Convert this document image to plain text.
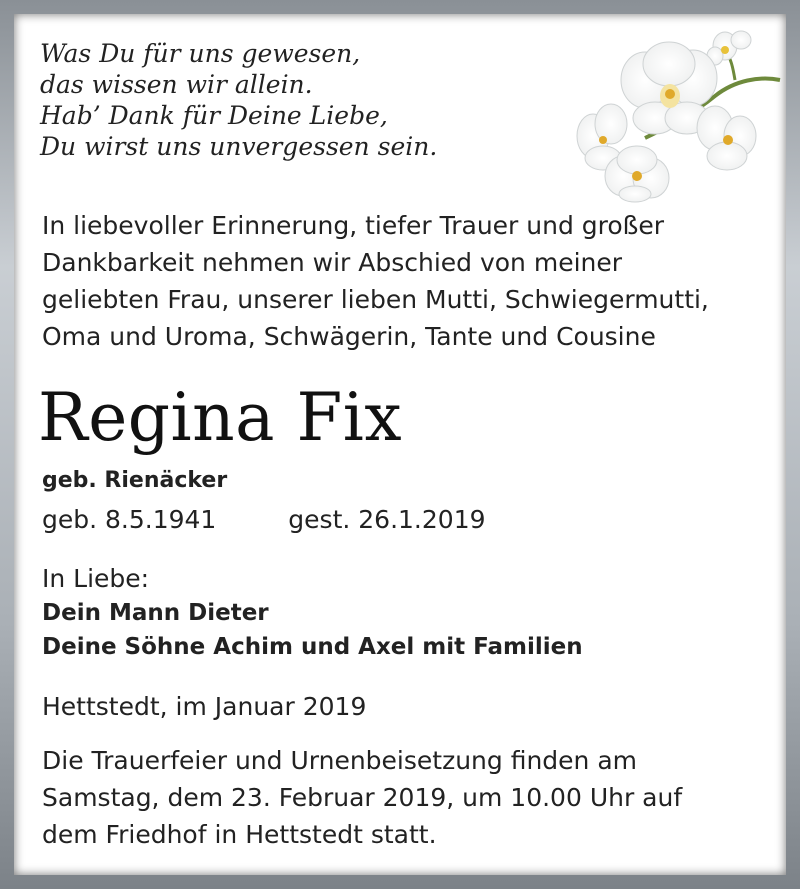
Was Du für uns gewesen,
das wissen wir allein.
Hab’ Dank für Deine Liebe,
Du wirst uns unvergessen sein.
In liebevoller Erinnerung, tiefer Trauer und großer
Dankbarkeit nehmen wir Abschied von meiner
geliebten Frau, unserer lieben Mutti, Schwiegermutti,
Oma und Uroma, Schwägerin, Tante und Cousine
Regina Fix
geb. Rienäcker
geb. 8.5.1941	gest. 26.1.2019
In Liebe:
Dein Mann Dieter
Deine Söhne Achim und Axel mit Familien
Hettstedt, im Januar 2019
Die Trauerfeier und Urnenbeisetzung finden am
Samstag, dem 23. Februar 2019, um 10.00 Uhr auf
dem Friedhof in Hettstedt statt.
